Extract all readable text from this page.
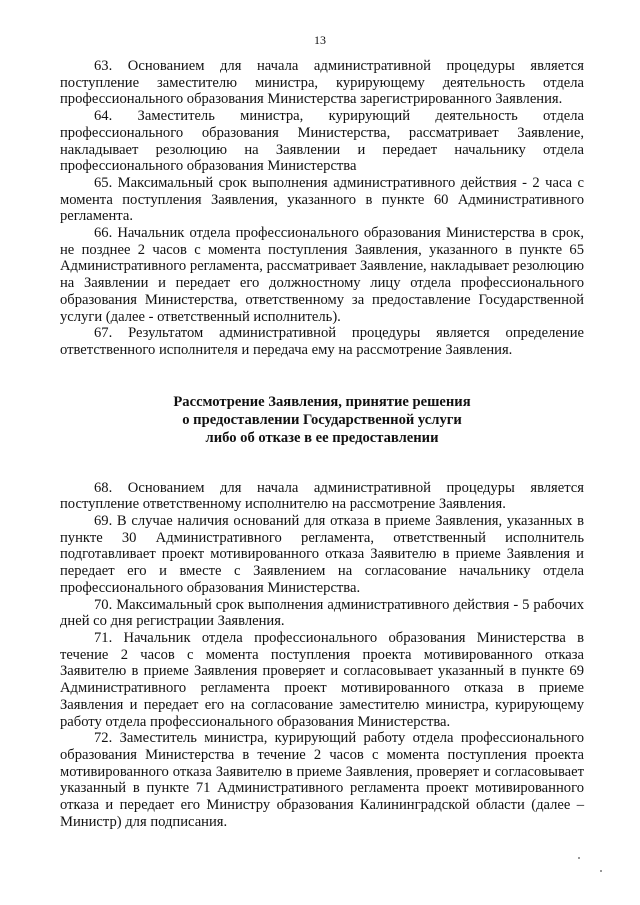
13

63. Основанием для начала административной процедуры является поступление заместителю министра, курирующему деятельность отдела профессионального образования Министерства зарегистрированного Заявления.

64. Заместитель министра, курирующий деятельность отдела профессионального образования Министерства, рассматривает Заявление, накладывает резолюцию на Заявлении и передает начальнику отдела профессионального образования Министерства

65. Максимальный срок выполнения административного действия - 2 часа с момента поступления Заявления, указанного в пункте 60 Административного регламента.

66. Начальник отдела профессионального образования Министерства в срок, не позднее 2 часов с момента поступления Заявления, указанного в пункте 65 Административного регламента, рассматривает Заявление, накладывает резолюцию на Заявлении и передает его должностному лицу отдела профессионального образования Министерства, ответственному за предоставление Государственной услуги (далее - ответственный исполнитель).

67. Результатом административной процедуры является определение ответственного исполнителя и передача ему на рассмотрение Заявления.

Рассмотрение Заявления, принятие решения
о предоставлении Государственной услуги
либо об отказе в ее предоставлении

68. Основанием для начала административной процедуры является поступление ответственному исполнителю на рассмотрение Заявления.

69. В случае наличия оснований для отказа в приеме Заявления, указанных в пункте 30 Административного регламента, ответственный исполнитель подготавливает проект мотивированного отказа Заявителю в приеме Заявления и передает его и вместе с Заявлением на согласование начальнику отдела профессионального образования Министерства.

70. Максимальный срок выполнения административного действия - 5 рабочих дней со дня регистрации Заявления.

71. Начальник отдела профессионального образования Министерства в течение 2 часов с момента поступления проекта мотивированного отказа Заявителю в приеме Заявления проверяет и согласовывает указанный в пункте 69 Административного регламента проект мотивированного отказа в приеме Заявления и передает его на согласование заместителю министра, курирующему работу отдела профессионального образования Министерства.

72. Заместитель министра, курирующий работу отдела профессионального образования Министерства в течение 2 часов с момента поступления проекта мотивированного отказа Заявителю в приеме Заявления, проверяет и согласовывает указанный в пункте 71 Административного регламента проект мотивированного отказа и передает его Министру образования Калининградской области (далее – Министр) для подписания.
